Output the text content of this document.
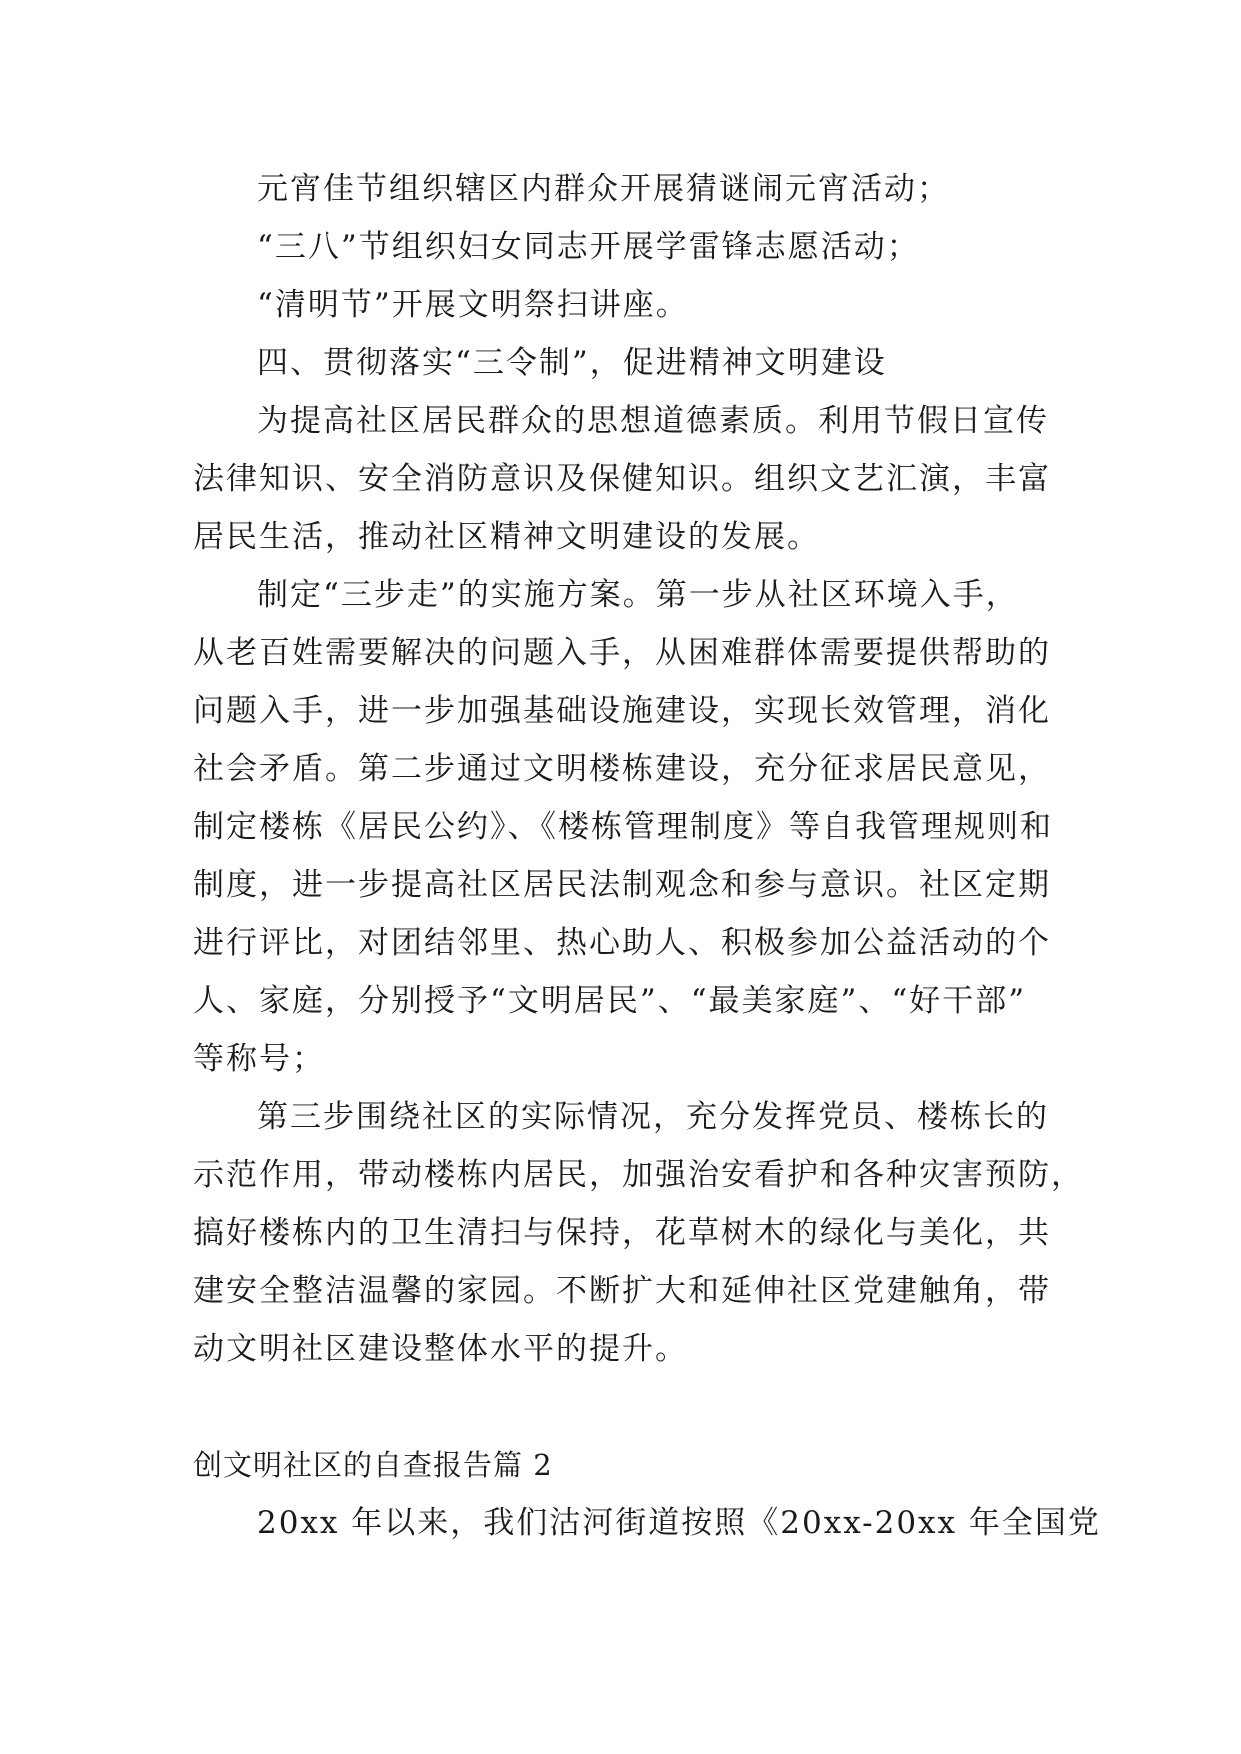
元宵佳节组织辖区内群众开展猜谜闹元宵活动；
“三八”节组织妇女同志开展学雷锋志愿活动；
“清明节”开展文明祭扫讲座。
四、贯彻落实“三令制”，促进精神文明建设
为提高社区居民群众的思想道德素质。利用节假日宣传
法律知识、安全消防意识及保健知识。组织文艺汇演，丰富
居民生活，推动社区精神文明建设的发展。
制定“三步走”的实施方案。第一步从社区环境入手，
从老百姓需要解决的问题入手，从困难群体需要提供帮助的
问题入手，进一步加强基础设施建设，实现长效管理，消化
社会矛盾。第二步通过文明楼栋建设，充分征求居民意见，
制定楼栋《居民公约》、《楼栋管理制度》等自我管理规则和
制度，进一步提高社区居民法制观念和参与意识。社区定期
进行评比，对团结邻里、热心助人、积极参加公益活动的个
人、家庭，分别授予“文明居民”、“最美家庭”、“好干部”
等称号；
第三步围绕社区的实际情况，充分发挥党员、楼栋长的
示范作用，带动楼栋内居民，加强治安看护和各种灾害预防，
搞好楼栋内的卫生清扫与保持，花草树木的绿化与美化，共
建安全整洁温馨的家园。不断扩大和延伸社区党建触角，带
动文明社区建设整体水平的提升。
创文明社区的自查报告篇 2
20xx 年以来，我们沽河街道按照《20xx-20xx 年全国党
